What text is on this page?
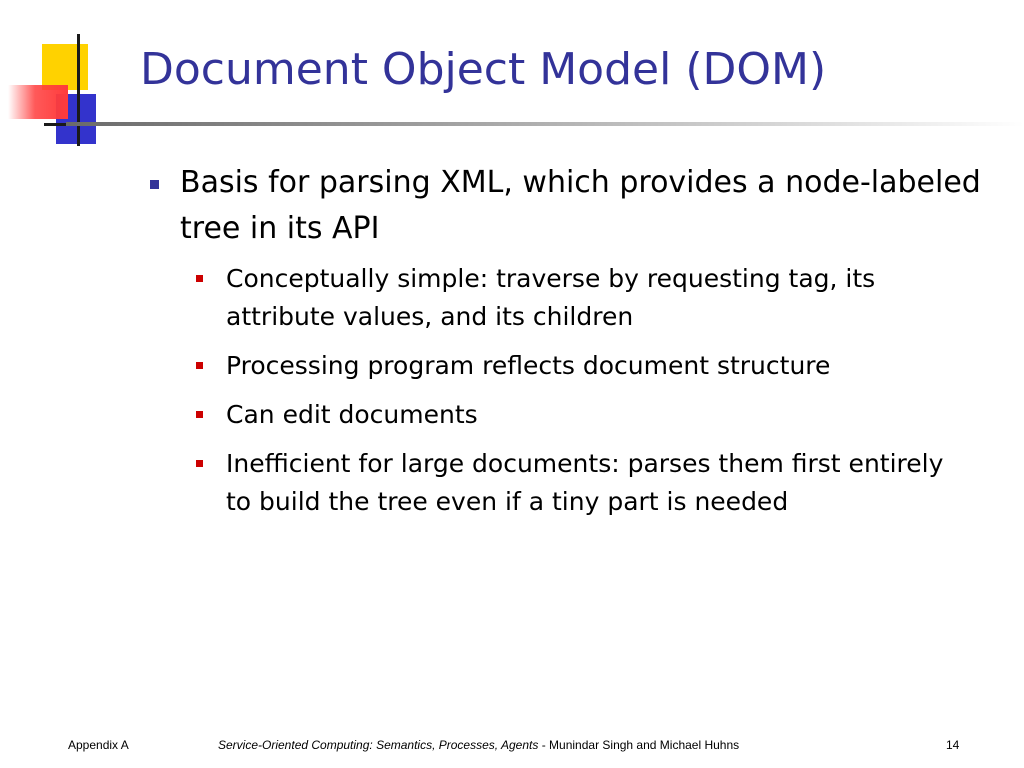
Document Object Model (DOM)
Basis for parsing XML, which provides a node-labeled tree in its API
Conceptually simple: traverse by requesting tag, its attribute values, and its children
Processing program reflects document structure
Can edit documents
Inefficient for large documents: parses them first entirely to build the tree even if a tiny part is needed
Appendix A	Service-Oriented Computing: Semantics, Processes, Agents - Munindar Singh and Michael Huhns	14
